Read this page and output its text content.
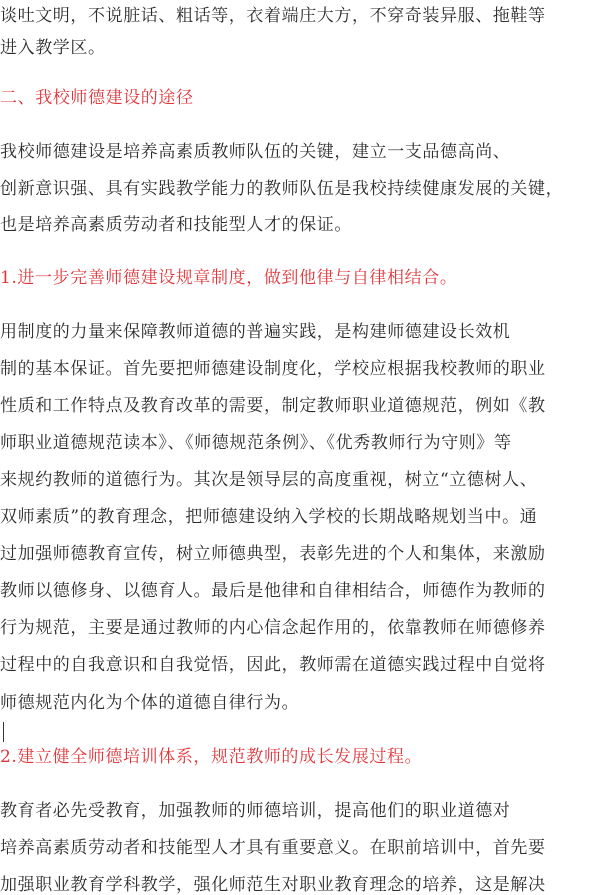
谈吐文明，不说脏话、粗话等，衣着端庄大方，不穿奇装异服、拖鞋等
进入教学区。
二、我校师德建设的途径
我校师德建设是培养高素质教师队伍的关键，建立一支品德高尚、
创新意识强、具有实践教学能力的教师队伍是我校持续健康发展的关键，
也是培养高素质劳动者和技能型人才的保证。
1.进一步完善师德建设规章制度，做到他律与自律相结合。
用制度的力量来保障教师道德的普遍实践，是构建师德建设长效机
制的基本保证。首先要把师德建设制度化，学校应根据我校教师的职业
性质和工作特点及教育改革的需要，制定教师职业道德规范，例如《教
师职业道德规范读本》、《师德规范条例》、《优秀教师行为守则》等
来规约教师的道德行为。其次是领导层的高度重视，树立“立德树人、
双师素质”的教育理念，把师德建设纳入学校的长期战略规划当中。通
过加强师德教育宣传，树立师德典型，表彰先进的个人和集体，来激励
教师以德修身、以德育人。最后是他律和自律相结合，师德作为教师的
行为规范，主要是通过教师的内心信念起作用的，依靠教师在师德修养
过程中的自我意识和自我觉悟，因此，教师需在道德实践过程中自觉将
师德规范内化为个体的道德自律行为。
2.建立健全师德培训体系，规范教师的成长发展过程。
教育者必先受教育，加强教师的师德培训，提高他们的职业道德对
培养高素质劳动者和技能型人才具有重要意义。在职前培训中，首先要
加强职业教育学科教学，强化师范生对职业教育理念的培养，这是解决
